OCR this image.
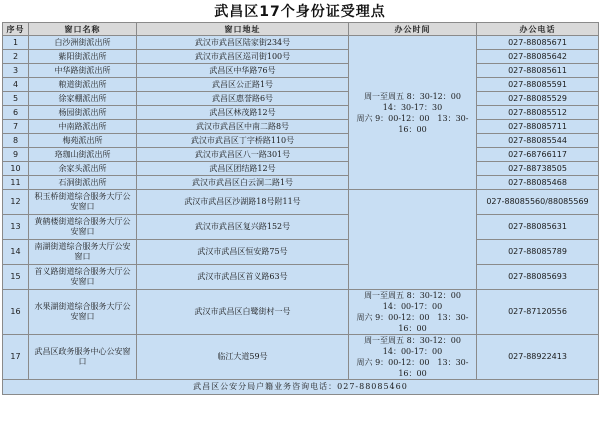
武昌区17个身份证受理点
序号	窗口名称	窗口地址	办公时间	办公电话
1	白沙洲街派出所	武汉市武昌区陆家街234号	周一至周五 8：30-12：00
14：30-17：30
周六 9：00-12：00　13：30-16：00	027-88085671
2	紫阳街派出所	武汉市武昌区巡司街100号		027-88085642
3	中华路街派出所	武昌区中华路76号		027-88085611
4	粮道街派出所	武昌区公正路1号		027-88085591
5	徐家棚派出所	武昌区惠誉路6号		027-88085529
6	杨园街派出所	武昌区林茂路12号		027-88085512
7	中南路派出所	武汉市武昌区中南二路8号		027-88085711
8	梅苑派出所	武汉市武昌区丁字桥路110号		027-88085544
9	珞珈山街派出所	武汉市武昌区八一路301号		027-68766117
10	余家头派出所	武昌区团结路12号		027-88738505
11	石洞街派出所	武汉市武昌区白云洞二路1号		027-88085468
12	积玉桥街道综合服务大厅公安窗口	武汉市武昌区沙湖路18号附11号		027-88085560/88085569
13	黄鹤楼街道综合服务大厅公安窗口	武汉市武昌区复兴路152号		027-88085631
14	南湖街道综合服务大厅公安窗口	武汉市武昌区恒安路75号		027-88085789
15	首义路街道综合服务大厅公安窗口	武汉市武昌区首义路63号		027-88085693
16	水果湖街道综合服务大厅公安窗口	武汉市武昌区白鹭街村一号	周一至周五 8：30-12：00
14：00-17：00
周六 9：00-12：00　13：30-16：00	027-87120556
17	武昌区政务服务中心公安窗口	临江大道59号	周一至周五 8：30-12：00
14：00-17：00
周六 9：00-12：00　13：30-16：00	027-88922413
武昌区公安分局户籍业务咨询电话：027-88085460				
